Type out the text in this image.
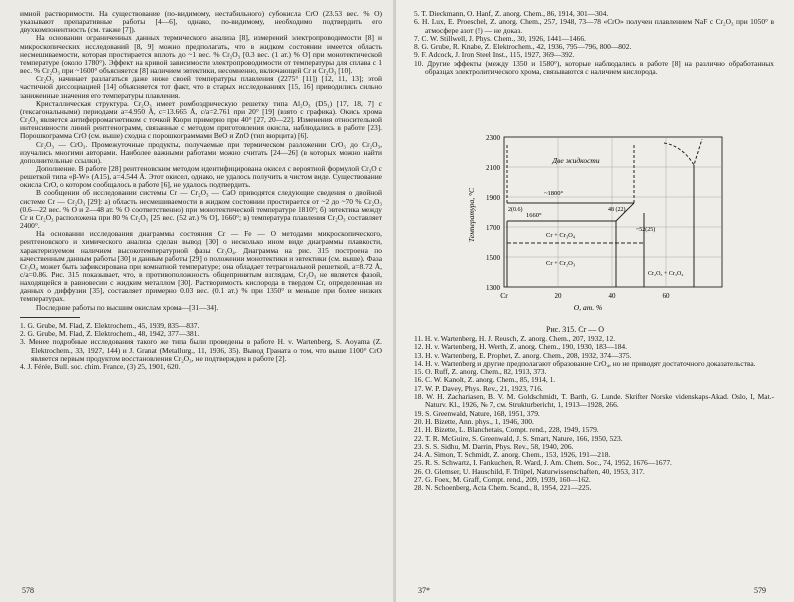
имной растворимости. На существование (по-видимому, нестабильного) субокисла CrO (23.53 вес. % O) указывают препаративные работы [4—6], однако, по-видимому, необходимо подтвердить его двухкомпонентность (см. также [7]).

На основании ограниченных данных термического анализа [8], измерений электропроводимости [8] и микроскопических исследований [8, 9] можно предполагать, что в жидком состоянии имеется область несмешиваемости, которая простирается вплоть до ~1 вес. % Cr₂O₃ [0.3 вес. (1 ат.) % O] при монотектической температуре (около 1780°). Эффект на кривой зависимости электропроводимости от температуры для сплава с 1 вес. % Cr₂O₃ при ~1600° объясняется [8] наличием эвтектики, несомненно, включающей Cr и Cr₂O₃ [10].

Cr₂O₃ начинает разлагаться даже ниже своей температуры плавления (2275° [11]) [12, 11, 13]; этой частичной диссоциацией [14] объясняется тот факт, что в старых исследованиях [15, 16] приводились сильно заниженные значения его температуры плавления.

Кристаллическая структура. Cr₂O₃ имеет ромбоэдрическую решетку типа Al₂O₃ (D5₁) [17, 18, 7] с (гексагональными) периодами a=4.950 Å, c=13.665 Å, c/a=2.761 при 20° [19] (взято с графика). Окись хрома Cr₂O₃ является антиферромагнетиком с точкой Кюри примерно при 40° [27, 20—22]. Изменения относительной интенсивности линий рентгенограмм, связанные с методом приготовления окисла, наблюдались в работе [23]. Порошкограмма CrO (см. выше) сходна с порошкограммами BeO и ZnO (тип вюрцита) [6].

Cr₂O₃ — CrO₃. Промежуточные продукты, получаемые при термическом разложении CrO₃ до Cr₂O₃, изучались многими авторами. Наиболее важными работами можно считать [24—26] (в которых можно найти дополнительные ссылки).

Дополнение. В работе [28] рентгеновским методом идентифицирована окисел с вероятной формулой Cr₃O с решеткой типа «β-W» (A15), a=4.544 Å. Этот окисел, однако, не удалось получить в чистом виде. Существование окисла CrO, о котором сообщалось в работе [6], не удалось подтвердить.

В сообщении об исследовании системы Cr — Cr₂O₃ — CaO приводятся следующие сведения о двойной системе Cr — Cr₂O₃ [29]: а) область несмешиваемости в жидком состоянии простирается от ~2 до ~70 % Cr₂O₃ (0.6—22 вес. % O и 2—48 ат. % O соответственно) при монотектической температуре 1810°; б) эвтектика между Cr и Cr₂O₃ расположена при 80 % Cr₂O₃ [25 вес. (52 ат.) % O], 1660°; в) температура плавления Cr₂O₃ составляет 2400°.

На основании исследования диаграммы состояния Cr — Fe — O методами микроскопического, рентгеновского и химического анализа сделан вывод [30] о несколько ином виде диаграммы плавкости, характеризуемом наличием высокотемпературной фазы Cr₃O₄. Диаграмма на рис. 315 построена по качественным данным работы [30] и данным работы [29] о положении монотектики и эвтектики (см. выше). Фаза Cr₃O₄ может быть зафиксирована при комнатной температуре; она обладает тетрагональной решеткой, a=8.72 Å, c/a=0.86. Рис. 315 показывает, что, в противоположность общепринятым взглядам, Cr₂O₃ не является фазой, находящейся в равновесии с жидким металлом [30]. Растворимость кислорода в твердом Cr, определенная из данных о диффузии [35], составляет примерно 0.03 вес. (0.1 ат.) % при 1350° и меньше при более низких температурах.

Последние работы по высшим окислам хрома—[31—34].

1. G. Grube, M. Flad, Z. Elektrochem., 45, 1939, 835—837.
2. G. Grube, M. Flad, Z. Elektrochem., 48, 1942, 377—381.
3. Менее подробные исследования такого же типа были проведены в работе H. v. Wartenberg, S. Aoyama (Z. Elektrochem., 33, 1927, 144) и J. Granat (Metallurg., 11, 1936, 35). Вывод Граната о том, что выше 1100° CrO является первым продуктом восстановления Cr₂O₃, не подтвержден в работе [2].
4. J. Férée, Bull. soc. chim. France, (3) 25, 1901, 620.
578
5. T. Dieckmann, O. Hanf, Z. anorg. Chem., 86, 1914, 301—304.
6. H. Lux, E. Proeschel, Z. anorg. Chem., 257, 1948, 73—78 «CrO» получен плавлением NaF с Cr₂O₃ при 1050° в атмосфере азот (!) — не доказ.
7. C. W. Stillwell, J. Phys. Chem., 30, 1926, 1441—1466.
8. G. Grube, R. Knabe, Z. Elektrochem., 42, 1936, 795—796, 800—802.
9. F. Adcock, J. Iron Steel Inst., 115, 1927, 369—392.
10. Другие эффекты (между 1350 и 1580°), которые наблюдались в работе [8] на различно обработанных образцах электролитического хрома, связываются с наличием кислорода.
2300
2100
1900
1700
1500
1300
Cr	20	40	60
O, ат. %
Температура, °С
Две жидкости
~1800°
1660°
2(0.6)	48 (22)
~52(25)
Cr + Cr₃O₄
Cr + Cr₂O₃
Cr₂O₃ + Cr₃O₄
Рис. 315. Cr — O
11. H. v. Wartenberg, H. J. Reusch, Z. anorg. Chem., 207, 1932, 12.
12. H. v. Wartenberg, H. Werth, Z. anorg. Chem., 190, 1930, 183—184.
13. H. v. Wartenberg, E. Prophet, Z. anorg. Chem., 208, 1932, 374—375.
14. H. v. Wartenberg и другие предполагают образование CrO₄, но не приводят достаточного доказательства.
15. O. Ruff, Z. anorg. Chem., 82, 1913, 373.
16. C. W. Kanolt, Z. anorg. Chem., 85, 1914, 1.
17. W. P. Davey, Phys. Rev., 21, 1923, 716.
18. W. H. Zachariasen, B. V. M. Goldschmidt, T. Barth, G. Lunde. Skrifter Norske videnskaps-Akad. Oslo, I, Mat.-Naturv. Kl., 1926, № 7, см. Strukturbericht, 1, 1913—1928, 266.
19. S. Greenwald, Nature, 168, 1951, 379.
20. H. Bizette, Ann. phys., 1, 1946, 300.
21. H. Bizette, L. Blanchetais, Compt. rend., 228, 1949, 1579.
22. T. R. McGuire, S. Greenwald, J. S. Smart, Nature, 166, 1950, 523.
23. S. S. Sidhu, M. Darrin, Phys. Rev., 58, 1940, 206.
24. A. Simon, T. Schmidt, Z. anorg. Chem., 153, 1926, 191—218.
25. R. S. Schwartz, I. Fankuchen, R. Ward, J. Am. Chem. Soc., 74, 1952, 1676—1677.
26. O. Glemser, U. Hauschild, F. Trüpel, Naturwissenschaften, 40, 1953, 317.
27. G. Foex, M. Graff, Compt. rend., 209, 1939, 160—162.
28. N. Schoenberg, Acta Chem. Scand., 8, 1954, 221—225.
37*	579
